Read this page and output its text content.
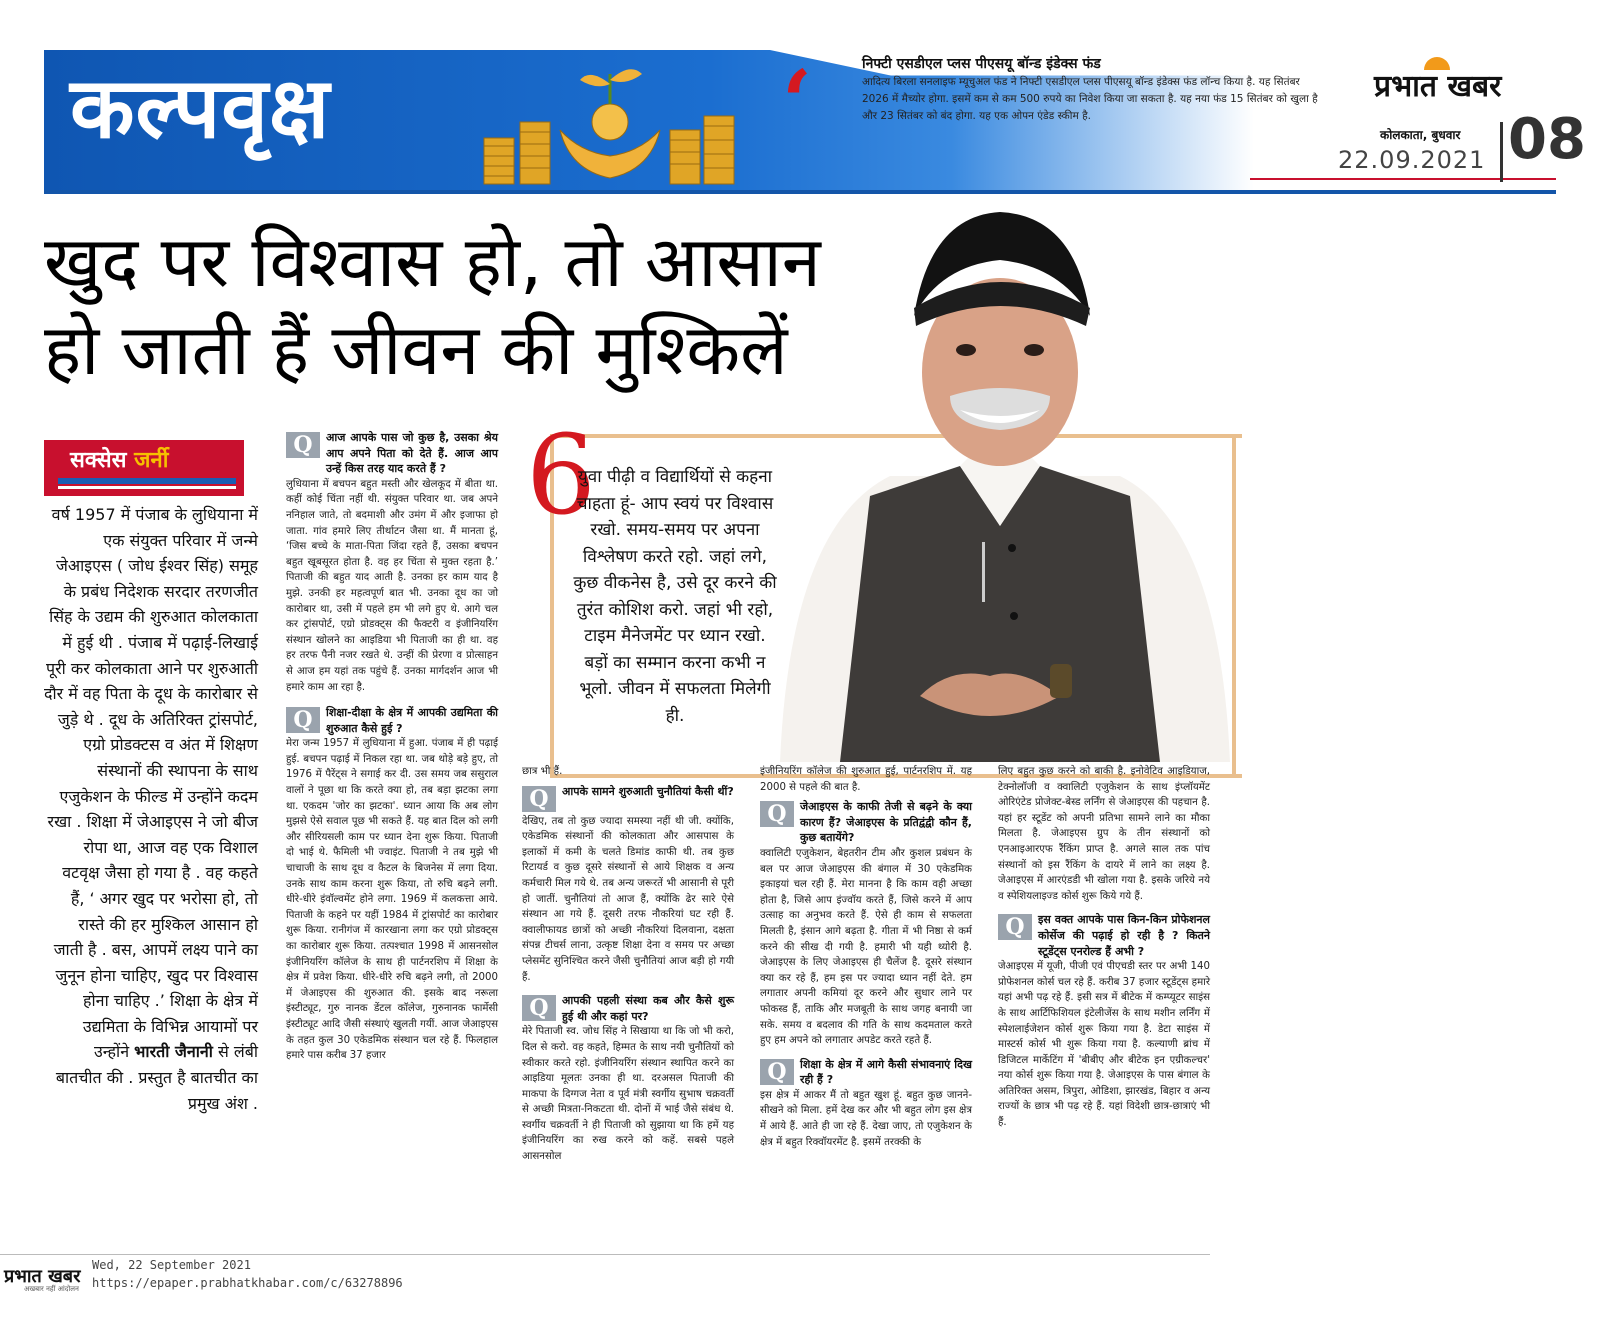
कल्पवृक्ष	‘	निफ्टी एसडीएल प्लस पीएसयू बॉन्ड इंडेक्स फंड
आदित्य बिरला सनलाइफ म्यूचुअल फंड ने निफ्टी एसडीएल प्लस पीएसयू बॉन्ड इंडेक्स फंड लॉन्च किया है. यह सितंबर 2026 में मैच्योर होगा. इसमें कम से कम 500 रुपये का निवेश किया जा सकता है. यह नया फंड 15 सितंबर को खुला है और 23 सितंबर को बंद होगा. यह एक ओपन एंडेड स्कीम है.
प्रभात खबर
कोलकाता, बुधवार
22.09.2021 08
खुद पर विश्वास हो, तो आसान
हो जाती हैं जीवन की मुश्किलें
6
युवा पीढ़ी व विद्यार्थियों से कहना चाहता हूं- आप स्वयं पर विश्वास रखो. समय-समय पर अपना विश्लेषण करते रहो. जहां लगे, कुछ वीकनेस है, उसे दूर करने की तुरंत कोशिश करो. जहां भी रहो, टाइम मैनेजमेंट पर ध्यान रखो. बड़ों का सम्मान करना कभी न भूलो. जीवन में सफलता मिलेगी ही.
सक्सेस जर्नी
वर्ष 1957 में पंजाब के लुधियाना में एक संयुक्त परिवार में जन्मे जेआइएस ( जोध ईश्वर सिंह) समूह के प्रबंध निदेशक सरदार तरणजीत सिंह के उद्यम की शुरुआत कोलकाता में हुई थी . पंजाब में पढ़ाई-लिखाई पूरी कर कोलकाता आने पर शुरुआती दौर में वह पिता के दूध के कारोबार से जुड़े थे . दूध के अतिरिक्त ट्रांसपोर्ट, एग्रो प्रोडक्टस व अंत में शिक्षण संस्थानों की स्थापना के साथ एजुकेशन के फील्ड में उन्होंने कदम रखा . शिक्षा में जेआइएस ने जो बीज रोपा था, आज वह एक विशाल वटवृक्ष जैसा हो गया है . वह कहते हैं, ‘ अगर खुद पर भरोसा हो, तो रास्ते की हर मुश्किल आसान हो जाती है . बस, आपमें लक्ष्य पाने का जुनून होना चाहिए, खुद पर विश्वास होना चाहिए .’ शिक्षा के क्षेत्र में उद्यमिता के विभिन्न आयामों पर उन्होंने भारती जैनानी से लंबी बातचीत की . प्रस्तुत है बातचीत का प्रमुख अंश .
Q	आज आपके पास जो कुछ है, उसका श्रेय आप अपने पिता को देते हैं. आज आप उन्हें किस तरह याद करते हैं ?

लुधियाना में बचपन बहुत मस्ती और खेलकूद में बीता था. कहीं कोई चिंता नहीं थी. संयुक्त परिवार था. जब अपने ननिहाल जाते, तो बदमाशी और उमंग में और इजाफा हो जाता. गांव हमारे लिए तीर्थाटन जैसा था. मैं मानता हूं, ‘जिस बच्चे के माता-पिता जिंदा रहते हैं, उसका बचपन बहुत खूबसूरत होता है. वह हर चिंता से मुक्त रहता है.’ पिताजी की बहुत याद आती है. उनका हर काम याद है मुझे. उनकी हर महत्वपूर्ण बात भी. उनका दूध का जो कारोबार था, उसी में पहले हम भी लगे हुए थे. आगे चल कर ट्रांसपोर्ट, एग्रो प्रोडक्ट्स की फैक्टरी व इंजीनियरिंग संस्थान खोलने का आइडिया भी पिताजी का ही था. वह हर तरफ पैनी नजर रखते थे. उन्हीं की प्रेरणा व प्रोत्साहन से आज हम यहां तक पहुंचे हैं. उनका मार्गदर्शन आज भी हमारे काम आ रहा है.

Q	शिक्षा-दीक्षा के क्षेत्र में आपकी उद्यमिता की शुरुआत कैसे हुई ?

मेरा जन्म 1957 में लुधियाना में हुआ. पंजाब में ही पढ़ाई हुई. बचपन पढ़ाई में निकल रहा था. जब थोड़े बड़े हुए, तो 1976 में पैरेंट्स ने सगाई कर दी. उस समय जब ससुराल वालों ने पूछा था कि करते क्या हो, तब बड़ा झटका लगा था. एकदम 'जोर का झटका'. ध्यान आया कि अब लोग मुझसे ऐसे सवाल पूछ भी सकते हैं. यह बात दिल को लगी और सीरियसली काम पर ध्यान देना शुरू किया. पिताजी दो भाई थे. फैमिली भी ज्वाइंट. पिताजी ने तब मुझे भी चाचाजी के साथ दूध व कैटल के बिजनेस में लगा दिया. उनके साथ काम करना शुरू किया, तो रुचि बढ़ने लगी. धीरे-धीरे इंवॉल्वमेंट होने लगा. 1969 में कलकत्ता आये. पिताजी के कहने पर यहीं 1984 में ट्रांसपोर्ट का कारोबार शुरू किया. रानीगंज में कारखाना लगा कर एग्रो प्रोडक्ट्स का कारोबार शुरू किया. तत्पश्चात 1998 में आसनसोल इंजीनियरिंग कॉलेज के साथ ही पार्टनरशिप में शिक्षा के क्षेत्र में प्रवेश किया. धीरे-धीरे रुचि बढ़ने लगी, तो 2000 में जेआइएस की शुरुआत की. इसके बाद नरूला इंस्टीट्यूट, गुरु नानक डेंटल कॉलेज, गुरुनानक फार्मेसी इंस्टीट्यूट आदि जैसी संस्थाएं खुलती गयीं. आज जेआइएस के तहत कुल 30 एकेडमिक संस्थान चल रहे हैं. फिलहाल हमारे पास करीब 37 हजार

छात्र भी हैं.

Q	आपके सामने शुरुआती चुनौतियां कैसी थीं?

देखिए, तब तो कुछ ज्यादा समस्या नहीं थी जी. क्योंकि, एकेडमिक संस्थानों की कोलकाता और आसपास के इलाकों में कमी के चलते डिमांड काफी थी. तब कुछ रिटायर्ड व कुछ दूसरे संस्थानों से आये शिक्षक व अन्य कर्मचारी मिल गये थे. तब अन्य जरूरतें भी आसानी से पूरी हो जातीं. चुनौतियां तो आज हैं, क्योंकि ढेर सारे ऐसे संस्थान आ गये हैं. दूसरी तरफ नौकरियां घट रही हैं. क्वालीफायड छात्रों को अच्छी नौकरियां दिलवाना, दक्षता संपन्न टीचर्स लाना, उत्कृष्ट शिक्षा देना व समय पर अच्छा प्लेसमेंट सुनिश्चित करने जैसी चुनौतियां आज बड़ी हो गयी हैं.

Q	आपकी पहली संस्था कब और कैसे शुरू हुई थी और कहां पर?

मेरे पिताजी स्व. जोध सिंह ने सिखाया था कि जो भी करो, दिल से करो. वह कहते, हिम्मत के साथ नयी चुनौतियों को स्वीकार करते रहो. इंजीनियरिंग संस्थान स्थापित करने का आइडिया मूलतः उनका ही था. दरअसल पिताजी की माकपा के दिग्गज नेता व पूर्व मंत्री स्वर्गीय सुभाष चक्रवर्ती से अच्छी मित्रता-निकटता थी. दोनों में भाई जैसे संबंध थे. स्वर्गीय चक्रवर्ती ने ही पिताजी को सुझाया था कि हमें यह इंजीनियरिंग का रुख करने को कहें. सबसे पहले आसनसोल

इंजीनियरिंग कॉलेज की शुरुआत हुई, पार्टनरशिप में. यह 2000 से पहले की बात है.

Q	जेआइएस के काफी तेजी से बढ़ने के क्या कारण हैं? जेआइएस के प्रतिद्वंद्वी कौन हैं, कुछ बतायेंगे?

क्वालिटी एजुकेशन, बेहतरीन टीम और कुशल प्रबंधन के बल पर आज जेआइएस की बंगाल में 30 एकेडमिक इकाइयां चल रही हैं. मेरा मानना है कि काम वही अच्छा होता है, जिसे आप इंज्वॉय करते हैं, जिसे करने में आप उत्साह का अनुभव करते हैं. ऐसे ही काम से सफलता मिलती है, इंसान आगे बढ़ता है. गीता में भी निष्ठा से कर्म करने की सीख दी गयी है. हमारी भी यही थ्योरी है. जेआइएस के लिए जेआइएस ही चैलेंज है. दूसरे संस्थान क्या कर रहे हैं, हम इस पर ज्यादा ध्यान नहीं देते. हम लगातार अपनी कमियां दूर करने और सुधार लाने पर फोकस्ड हैं, ताकि और मजबूती के साथ जगह बनायी जा सके. समय व बदलाव की गति के साथ कदमताल करते हुए हम अपने को लगातार अपडेट करते रहते हैं.

Q	शिक्षा के क्षेत्र में आगे कैसी संभावनाएं दिख रही हैं ?

इस क्षेत्र में आकर मैं तो बहुत खुश हूं. बहुत कुछ जानने-सीखने को मिला. हमें देख कर और भी बहुत लोग इस क्षेत्र में आये हैं. आते ही जा रहे हैं. देखा जाए, तो एजुकेशन के क्षेत्र में बहुत रिक्वॉयरमेंट है. इसमें तरक्की के

लिए बहुत कुछ करने को बाकी है. इनोवेटिव आइडियाज, टेक्नोलॉजी व क्वालिटी एजुकेशन के साथ इंप्लॉयमेंट ओरिएंटेड प्रोजेक्ट-बेस्ड लर्निंग से जेआइएस की पहचान है. यहां हर स्टूडेंट को अपनी प्रतिभा सामने लाने का मौका मिलता है. जेआइएस ग्रुप के तीन संस्थानों को एनआइआरएफ रैंकिंग प्राप्त है. अगले साल तक पांच संस्थानों को इस रैंकिंग के दायरे में लाने का लक्ष्य है. जेआइएस में आरएंडडी भी खोला गया है. इसके जरिये नये व स्पेशियलाइज्ड कोर्स शुरू किये गये हैं.

Q	इस वक्त आपके पास किन-किन प्रोफेशनल कोर्सेज की पढ़ाई हो रही है ? कितने स्टूडेंट्स एनरोल्ड हैं अभी ?

जेआइएस में यूजी, पीजी एवं पीएचडी स्तर पर अभी 140 प्रोफेशनल कोर्स चल रहे हैं. करीब 37 हजार स्टूडेंट्स हमारे यहां अभी पढ़ रहे हैं. इसी सत्र में बीटेक में कम्प्यूटर साइंस के साथ आर्टिफिशियल इंटेलीजेंस के साथ मशीन लर्निंग में स्पेशलाईजेशन कोर्स शुरू किया गया है. डेटा साइंस में मास्टर्स कोर्स भी शुरू किया गया है. कल्याणी ब्रांच में डिजिटल मार्केटिंग में 'बीबीए और बीटेक इन एग्रीकल्चर' नया कोर्स शुरू किया गया है. जेआइएस के पास बंगाल के अतिरिक्त असम, त्रिपुरा, ओडिशा, झारखंड, बिहार व अन्य राज्यों के छात्र भी पढ़ रहे हैं. यहां विदेशी छात्र-छात्राएं भी हैं.

प्रभात खबर
अखबार नहीं आंदोलन
Wed, 22 September 2021
https://epaper.prabhatkhabar.com/c/63278896
